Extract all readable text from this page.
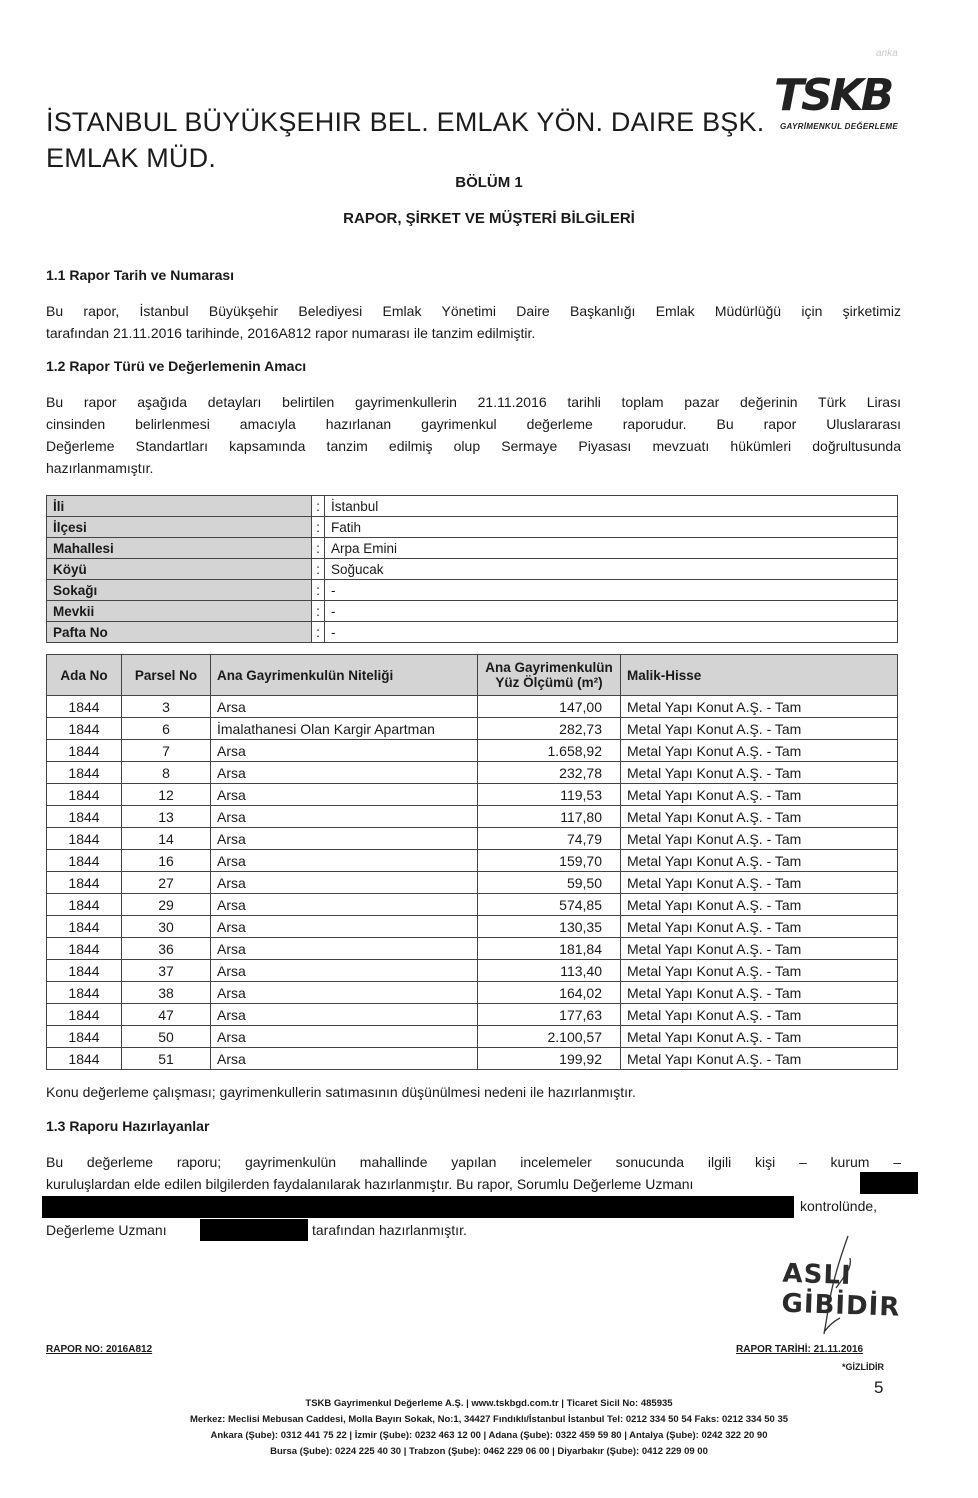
anka
İSTANBUL BÜYÜKŞEHIR BEL. EMLAK YÖN. DAIRE BŞK.
EMLAK MÜD.
TSKB
GAYRİMENKUL DEĞERLEME
BÖLÜM 1
RAPOR, ŞİRKET VE MÜŞTERİ BİLGİLERİ
1.1 Rapor Tarih ve Numarası
Bu rapor, İstanbul Büyükşehir Belediyesi Emlak Yönetimi Daire Başkanlığı Emlak Müdürlüğü için şirketimiz
tarafından 21.11.2016 tarihinde, 2016A812 rapor numarası ile tanzim edilmiştir.
1.2 Rapor Türü ve Değerlemenin Amacı
Bu rapor aşağıda detayları belirtilen gayrimenkullerin 21.11.2016 tarihli toplam pazar değerinin Türk Lirası
cinsinden belirlenmesi amacıyla hazırlanan gayrimenkul değerleme raporudur. Bu rapor Uluslararası
Değerleme Standartları kapsamında tanzim edilmiş olup Sermaye Piyasası mevzuatı hükümleri doğrultusunda
hazırlanmamıştır.
İli	:	İstanbul
İlçesi	:	Fatih
Mahallesi	:	Arpa Emini
Köyü	:	Soğucak
Sokağı	:	-
Mevkii	:	-
Pafta No	:	-
Ada No	Parsel No	Ana Gayrimenkulün Niteliği	Ana Gayrimenkulün Yüz Ölçümü (m²)	Malik-Hisse
1844	3	Arsa	147,00	Metal Yapı Konut A.Ş. - Tam
1844	6	İmalathanesi Olan Kargir Apartman	282,73	Metal Yapı Konut A.Ş. - Tam
1844	7	Arsa	1.658,92	Metal Yapı Konut A.Ş. - Tam
1844	8	Arsa	232,78	Metal Yapı Konut A.Ş. - Tam
1844	12	Arsa	119,53	Metal Yapı Konut A.Ş. - Tam
1844	13	Arsa	117,80	Metal Yapı Konut A.Ş. - Tam
1844	14	Arsa	74,79	Metal Yapı Konut A.Ş. - Tam
1844	16	Arsa	159,70	Metal Yapı Konut A.Ş. - Tam
1844	27	Arsa	59,50	Metal Yapı Konut A.Ş. - Tam
1844	29	Arsa	574,85	Metal Yapı Konut A.Ş. - Tam
1844	30	Arsa	130,35	Metal Yapı Konut A.Ş. - Tam
1844	36	Arsa	181,84	Metal Yapı Konut A.Ş. - Tam
1844	37	Arsa	113,40	Metal Yapı Konut A.Ş. - Tam
1844	38	Arsa	164,02	Metal Yapı Konut A.Ş. - Tam
1844	47	Arsa	177,63	Metal Yapı Konut A.Ş. - Tam
1844	50	Arsa	2.100,57	Metal Yapı Konut A.Ş. - Tam
1844	51	Arsa	199,92	Metal Yapı Konut A.Ş. - Tam
Konu değerleme çalışması; gayrimenkullerin satımasının düşünülmesi nedeni ile hazırlanmıştır.
1.3 Raporu Hazırlayanlar
Bu değerleme raporu; gayrimenkulün mahallinde yapılan incelemeler sonucunda ilgili kişi – kurum –
kuruluşlardan elde edilen bilgilerden faydalanılarak hazırlanmıştır. Bu rapor, Sorumlu Değerleme Uzmanı
kontrolünde,
Değerleme Uzmanı	tarafından hazırlanmıştır.
ASLI GİBİDİR
RAPOR NO: 2016A812	RAPOR TARİHİ: 21.11.2016
*GİZLİDİR
5
TSKB Gayrimenkul Değerleme A.Ş. | www.tskbgd.com.tr | Ticaret Sicil No: 485935
Merkez: Meclisi Mebusan Caddesi, Molla Bayırı Sokak, No:1, 34427 Fındıklı/İstanbul İstanbul Tel: 0212 334 50 54 Faks: 0212 334 50 35
Ankara (Şube): 0312 441 75 22 | İzmir (Şube): 0232 463 12 00 | Adana (Şube): 0322 459 59 80 | Antalya (Şube): 0242 322 20 90
Bursa (Şube): 0224 225 40 30 | Trabzon (Şube): 0462 229 06 00 | Diyarbakır (Şube): 0412 229 09 00
